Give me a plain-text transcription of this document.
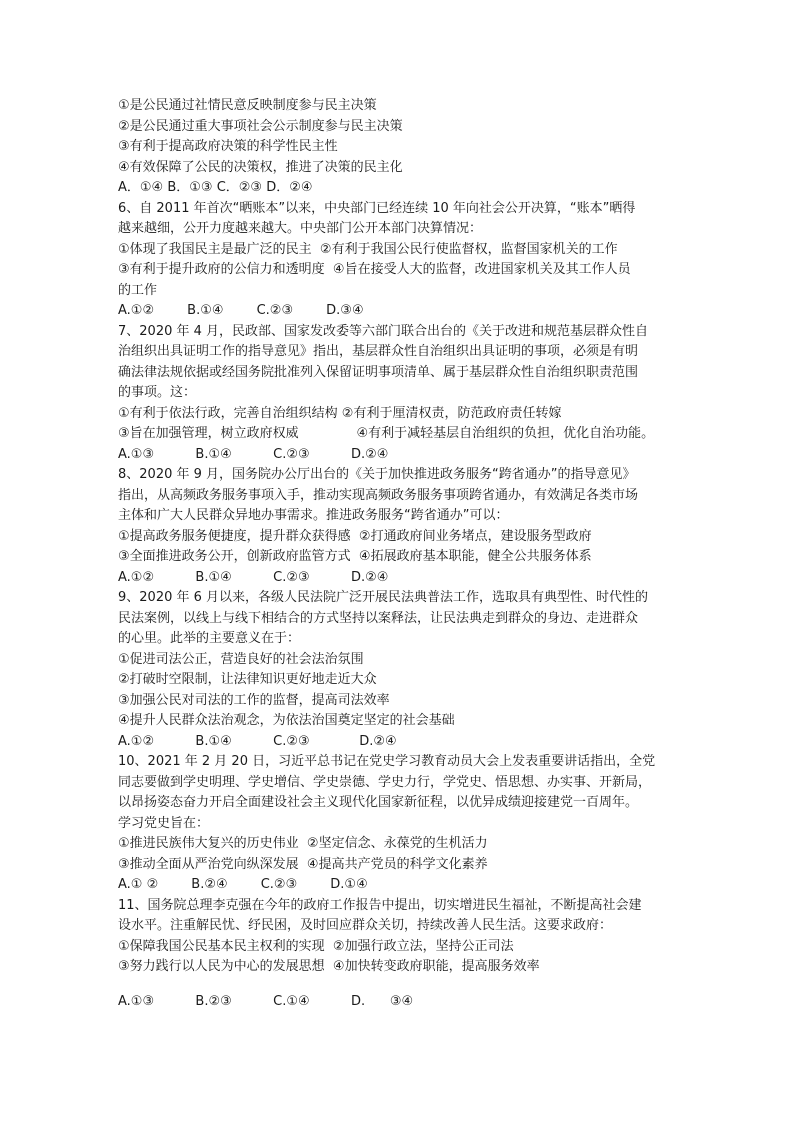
①是公民通过社情民意反映制度参与民主决策
②是公民通过重大事项社会公示制度参与民主决策
③有利于提高政府决策的科学性民主性
④有效保障了公民的决策权，推进了决策的民主化
A．①④ B．①③ C．②③ D．②④
6、自 2011 年首次“晒账本”以来，中央部门已经连续 10 年向社会公开决算，“账本”晒得
越来越细，公开力度越来越大。中央部门公开本部门决算情况：
①体现了我国民主是最广泛的民主  ②有利于我国公民行使监督权，监督国家机关的工作
③有利于提升政府的公信力和透明度  ④旨在接受人大的监督，改进国家机关及其工作人员
的工作
A.①②        B.①④        C.②③        D.③④
7、2020 年 4 月，民政部、国家发改委等六部门联合出台的《关于改进和规范基层群众性自
治组织出具证明工作的指导意见》指出，基层群众性自治组织出具证明的事项，必须是有明
确法律法规依据或经国务院批准列入保留证明事项清单、属于基层群众性自治组织职责范围
的事项。这：
①有利于依法行政，完善自治组织结构 ②有利于厘清权责，防范政府责任转嫁
③旨在加强管理，树立政府权威              ④有利于减轻基层自治组织的负担，优化自治功能。
A.①③          B.①④          C.②③          D.②④
8、2020 年 9 月，国务院办公厅出台的《关于加快推进政务服务“跨省通办”的指导意见》
指出，从高频政务服务事项入手，推动实现高频政务服务事项跨省通办，有效满足各类市场
主体和广大人民群众异地办事需求。推进政务服务“跨省通办”可以：
①提高政务服务便捷度，提升群众获得感  ②打通政府间业务堵点，建设服务型政府
③全面推进政务公开，创新政府监管方式  ④拓展政府基本职能，健全公共服务体系
A.①②          B.①④          C.②③          D.②④
9、2020 年 6 月以来，各级人民法院广泛开展民法典普法工作，选取具有典型性、时代性的
民法案例，以线上与线下相结合的方式坚持以案释法，让民法典走到群众的身边、走进群众
的心里。此举的主要意义在于：
①促进司法公正，营造良好的社会法治氛围
②打破时空限制，让法律知识更好地走近大众
③加强公民对司法的工作的监督，提高司法效率
④提升人民群众法治观念，为依法治国奠定坚定的社会基础
A.①②          B.①④          C.②③            D.②④
10、2021 年 2 月 20 日，习近平总书记在党史学习教育动员大会上发表重要讲话指出，全党
同志要做到学史明理、学史增信、学史崇德、学史力行，学党史、悟思想、办实事、开新局，
以昂扬姿态奋力开启全面建设社会主义现代化国家新征程，以优异成绩迎接建党一百周年。
学习党史旨在：
①推进民族伟大复兴的历史伟业  ②坚定信念、永葆党的生机活力
③推动全面从严治党向纵深发展  ④提高共产党员的科学文化素养
A.① ②        B.②④        C.②③        D.①④
11、国务院总理李克强在今年的政府工作报告中提出，切实增进民生福祉，不断提高社会建
设水平。注重解民忧、纾民困，及时回应群众关切，持续改善人民生活。这要求政府：
①保障我国公民基本民主权利的实现  ②加强行政立法，坚持公正司法
③努力践行以人民为中心的发展思想  ④加快转变政府职能，提高服务效率
A.①③          B.②③          C.①④          D.      ③④
